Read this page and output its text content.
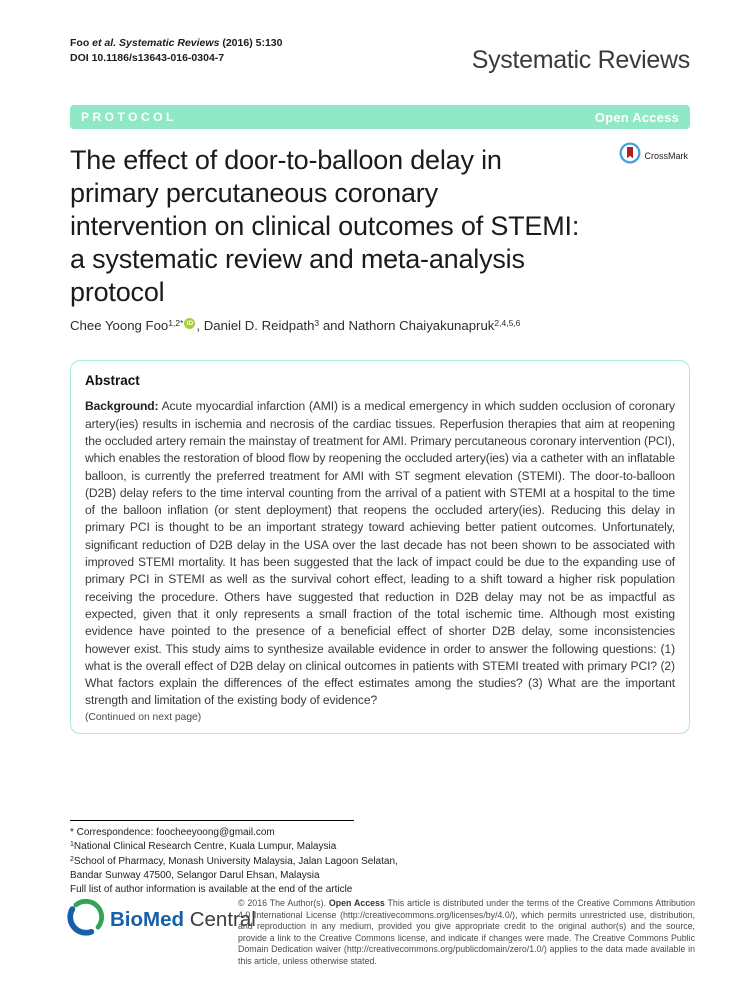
Foo et al. Systematic Reviews (2016) 5:130
DOI 10.1186/s13643-016-0304-7	Systematic Reviews
PROTOCOL	Open Access
The effect of door-to-balloon delay in
primary percutaneous coronary
intervention on clinical outcomes of STEMI:
a systematic review and meta-analysis
protocol
CrossMark
Chee Yoong Foo$^{1,2*}$ iD , Daniel D. Reidpath$^3$ and Nathorn Chaiyakunapruk$^{2,4,5,6}$
Abstract

Background: Acute myocardial infarction (AMI) is a medical emergency in which sudden occlusion of coronary artery(ies) results in ischemia and necrosis of the cardiac tissues. Reperfusion therapies that aim at reopening the occluded artery remain the mainstay of treatment for AMI. Primary percutaneous coronary intervention (PCI), which enables the restoration of blood flow by reopening the occluded artery(ies) via a catheter with an inflatable balloon, is currently the preferred treatment for AMI with ST segment elevation (STEMI). The door-to-balloon (D2B) delay refers to the time interval counting from the arrival of a patient with STEMI at a hospital to the time of the balloon inflation (or stent deployment) that reopens the occluded artery(ies). Reducing this delay in primary PCI is thought to be an important strategy toward achieving better patient outcomes. Unfortunately, significant reduction of D2B delay in the USA over the last decade has not been shown to be associated with improved STEMI mortality. It has been suggested that the lack of impact could be due to the expanding use of primary PCI in STEMI as well as the survival cohort effect, leading to a shift toward a higher risk population receiving the procedure. Others have suggested that reduction in D2B delay may not be as impactful as expected, given that it only represents a small fraction of the total ischemic time. Although most existing evidence have pointed to the presence of a beneficial effect of shorter D2B delay, some inconsistencies however exist. This study aims to synthesize available evidence in order to answer the following questions: (1) what is the overall effect of D2B delay on clinical outcomes in patients with STEMI treated with primary PCI? (2) What factors explain the differences of the effect estimates among the studies? (3) What are the important strength and limitation of the existing body of evidence?

(Continued on next page)
* Correspondence: foocheeyoong@gmail.com
$^1$National Clinical Research Centre, Kuala Lumpur, Malaysia
$^2$School of Pharmacy, Monash University Malaysia, Jalan Lagoon Selatan, Bandar Sunway 47500, Selangor Darul Ehsan, Malaysia
Full list of author information is available at the end of the article
BioMed Central

© 2016 The Author(s). Open Access This article is distributed under the terms of the Creative Commons Attribution 4.0 International License (http://creativecommons.org/licenses/by/4.0/), which permits unrestricted use, distribution, and reproduction in any medium, provided you give appropriate credit to the original author(s) and the source, provide a link to the Creative Commons license, and indicate if changes were made. The Creative Commons Public Domain Dedication waiver (http://creativecommons.org/publicdomain/zero/1.0/) applies to the data made available in this article, unless otherwise stated.
